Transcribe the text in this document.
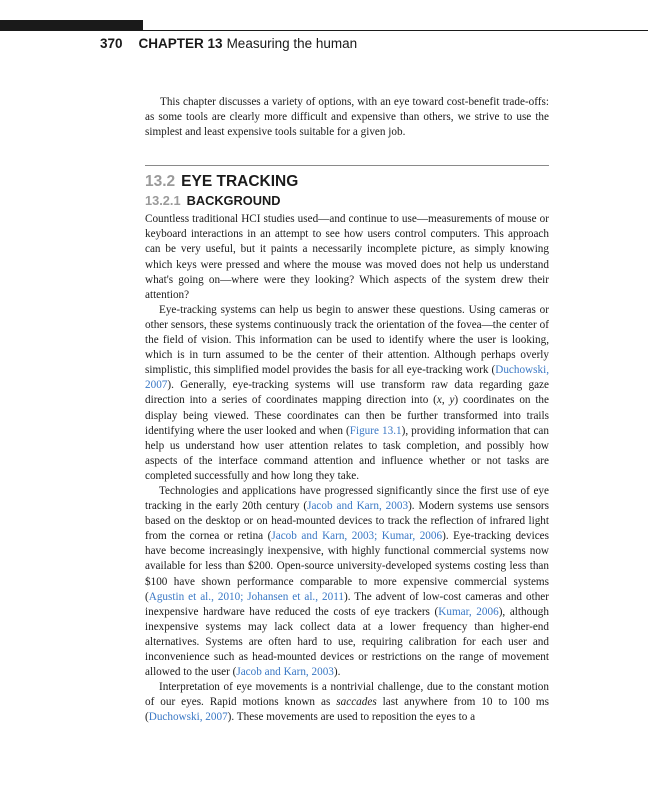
370 CHAPTER 13 Measuring the human

This chapter discusses a variety of options, with an eye toward cost-benefit trade-offs: as some tools are clearly more difficult and expensive than others, we strive to use the simplest and least expensive tools suitable for a given job.

13.2 EYE TRACKING
13.2.1 BACKGROUND

Countless traditional HCI studies used—and continue to use—measurements of mouse or keyboard interactions in an attempt to see how users control computers. This approach can be very useful, but it paints a necessarily incomplete picture, as simply knowing which keys were pressed and where the mouse was moved does not help us understand what's going on—where were they looking? Which aspects of the system drew their attention?

Eye-tracking systems can help us begin to answer these questions. Using cameras or other sensors, these systems continuously track the orientation of the fovea—the center of the field of vision. This information can be used to identify where the user is looking, which is in turn assumed to be the center of their attention. Although perhaps overly simplistic, this simplified model provides the basis for all eye-tracking work (Duchowski, 2007). Generally, eye-tracking systems will use transform raw data regarding gaze direction into a series of coordinates mapping direction into (x, y) coordinates on the display being viewed. These coordinates can then be further transformed into trails identifying where the user looked and when (Figure 13.1), providing information that can help us understand how user attention relates to task completion, and possibly how aspects of the interface command attention and influence whether or not tasks are completed successfully and how long they take.

Technologies and applications have progressed significantly since the first use of eye tracking in the early 20th century (Jacob and Karn, 2003). Modern systems use sensors based on the desktop or on head-mounted devices to track the reflection of infrared light from the cornea or retina (Jacob and Karn, 2003; Kumar, 2006). Eye-tracking devices have become increasingly inexpensive, with highly functional commercial systems now available for less than $200. Open-source university-developed systems costing less than $100 have shown performance comparable to more expensive commercial systems (Agustin et al., 2010; Johansen et al., 2011). The advent of low-cost cameras and other inexpensive hardware have reduced the costs of eye trackers (Kumar, 2006), although inexpensive systems may lack collect data at a lower frequency than higher-end alternatives. Systems are often hard to use, requiring calibration for each user and inconvenience such as head-mounted devices or restrictions on the range of movement allowed to the user (Jacob and Karn, 2003).

Interpretation of eye movements is a nontrivial challenge, due to the constant motion of our eyes. Rapid motions known as saccades last anywhere from 10 to 100 ms (Duchowski, 2007). These movements are used to reposition the eyes to a
